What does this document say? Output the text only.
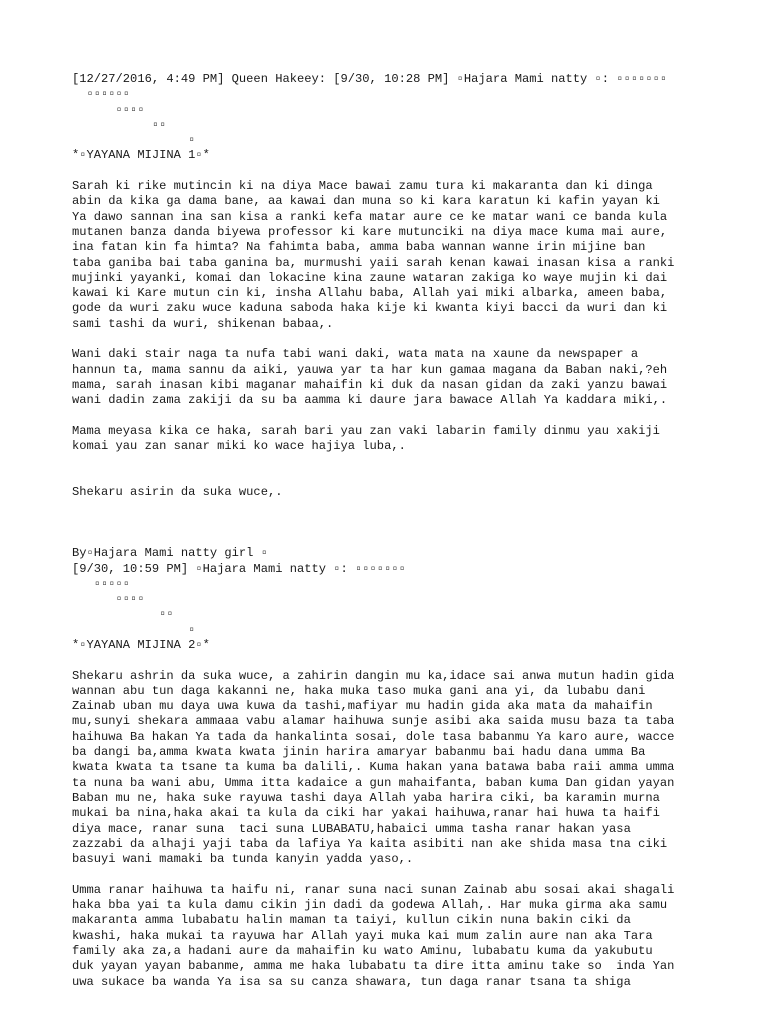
[12/27/2016, 4:49 PM] Queen Hakeey: [9/30, 10:28 PM] ▫Hajara Mami natty ▫: ▫▫▫▫▫▫▫
▫▫▫▫▫▫
▫▫▫▫
▫▫
▫
*▫YAYANA MIJINA 1▫*
Sarah ki rike mutincin ki na diya Mace bawai zamu tura ki makaranta dan ki dinga
abin da kika ga dama bane, aa kawai dan muna so ki kara karatun ki kafin yayan ki
Ya dawo sannan ina san kisa a ranki kefa matar aure ce ke matar wani ce banda kula
mutanen banza danda biyewa professor ki kare mutunciki na diya mace kuma mai aure,
ina fatan kin fa himta? Na fahimta baba, amma baba wannan wanne irin mijine ban
taba ganiba bai taba ganina ba, murmushi yaii sarah kenan kawai inasan kisa a ranki
mujinki yayanki, komai dan lokacine kina zaune wataran zakiga ko waye mujin ki dai
kawai ki Kare mutun cin ki, insha Allahu baba, Allah yai miki albarka, ameen baba,
gode da wuri zaku wuce kaduna saboda haka kije ki kwanta kiyi bacci da wuri dan ki
sami tashi da wuri, shikenan babaa,.
Wani daki stair naga ta nufa tabi wani daki, wata mata na xaune da newspaper a
hannun ta, mama sannu da aiki, yauwa yar ta har kun gamaa magana da Baban naki,?eh
mama, sarah inasan kibi maganar mahaifin ki duk da nasan gidan da zaki yanzu bawai
wani dadin zama zakiji da su ba aamma ki daure jara bawace Allah Ya kaddara miki,.
Mama meyasa kika ce haka, sarah bari yau zan vaki labarin family dinmu yau xakiji
komai yau zan sanar miki ko wace hajiya luba,.
Shekaru asirin da suka wuce,.
By▫Hajara Mami natty girl ▫
[9/30, 10:59 PM] ▫Hajara Mami natty ▫: ▫▫▫▫▫▫▫
▫▫▫▫▫
▫▫▫▫
▫▫
▫
*▫YAYANA MIJINA 2▫*
Shekaru ashrin da suka wuce, a zahirin dangin mu ka,idace sai anwa mutun hadin gida
wannan abu tun daga kakanni ne, haka muka taso muka gani ana yi, da lubabu dani
Zainab uban mu daya uwa kuwa da tashi,mafiyar mu hadin gida aka mata da mahaifin
mu,sunyi shekara ammaaa vabu alamar haihuwa sunje asibi aka saida musu baza ta taba
haihuwa Ba hakan Ya tada da hankalinta sosai, dole tasa babanmu Ya karo aure, wacce
ba dangi ba,amma kwata kwata jinin harira amaryar babanmu bai hadu dana umma Ba
kwata kwata ta tsane ta kuma ba dalili,. Kuma hakan yana batawa baba raii amma umma
ta nuna ba wani abu, Umma itta kadaice a gun mahaifanta, baban kuma Dan gidan yayan
Baban mu ne, haka suke rayuwa tashi daya Allah yaba harira ciki, ba karamin murna
mukai ba nina,haka akai ta kula da ciki har yakai haihuwa,ranar hai huwa ta haifi
diya mace, ranar suna  taci suna LUBABATU,habaici umma tasha ranar hakan yasa
zazzabi da alhaji yaji taba da lafiya Ya kaita asibiti nan ake shida masa tna ciki
basuyi wani mamaki ba tunda kanyin yadda yaso,.
Umma ranar haihuwa ta haifu ni, ranar suna naci sunan Zainab abu sosai akai shagali
haka bba yai ta kula damu cikin jin dadi da godewa Allah,. Har muka girma aka samu
makaranta amma lubabatu halin maman ta taiyi, kullun cikin nuna bakin ciki da
kwashi, haka mukai ta rayuwa har Allah yayi muka kai mum zalin aure nan aka Tara
family aka za,a hadani aure da mahaifin ku wato Aminu, lubabatu kuma da yakubutu
duk yayan yayan babanme, amma me haka lubabatu ta dire itta aminu take so  inda Yan
uwa sukace ba wanda Ya isa sa su canza shawara, tun daga ranar tsana ta shiga
